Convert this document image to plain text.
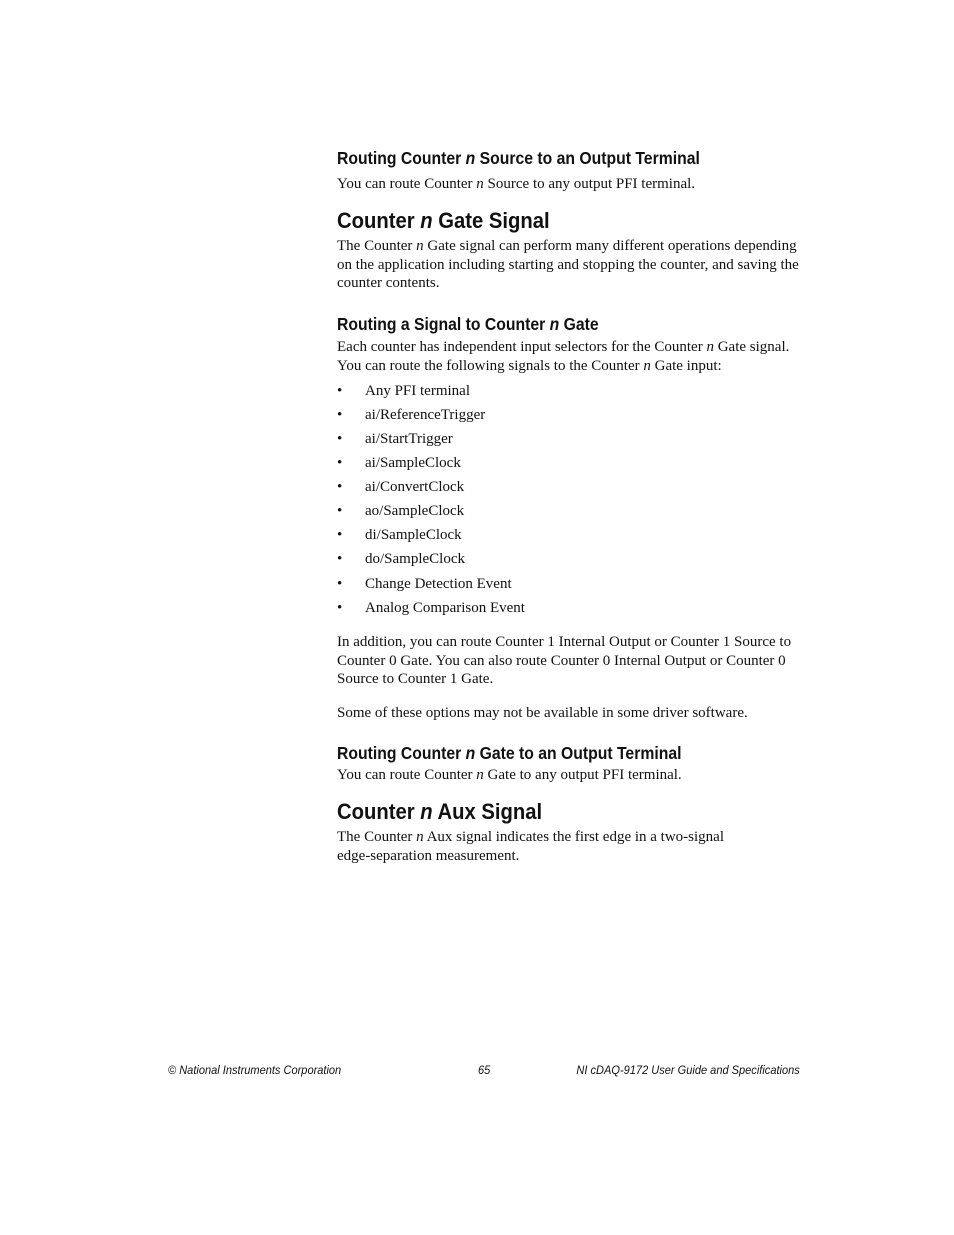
Routing Counter n Source to an Output Terminal

You can route Counter n Source to any output PFI terminal.

Counter n Gate Signal

The Counter n Gate signal can perform many different operations depending on the application including starting and stopping the counter, and saving the counter contents.

Routing a Signal to Counter n Gate

Each counter has independent input selectors for the Counter n Gate signal. You can route the following signals to the Counter n Gate input:

• Any PFI terminal
• ai/ReferenceTrigger
• ai/StartTrigger
• ai/SampleClock
• ai/ConvertClock
• ao/SampleClock
• di/SampleClock
• do/SampleClock
• Change Detection Event
• Analog Comparison Event

In addition, you can route Counter 1 Internal Output or Counter 1 Source to Counter 0 Gate. You can also route Counter 0 Internal Output or Counter 0 Source to Counter 1 Gate.

Some of these options may not be available in some driver software.

Routing Counter n Gate to an Output Terminal

You can route Counter n Gate to any output PFI terminal.

Counter n Aux Signal

The Counter n Aux signal indicates the first edge in a two-signal edge-separation measurement.

© National Instruments Corporation	65	NI cDAQ-9172 User Guide and Specifications
